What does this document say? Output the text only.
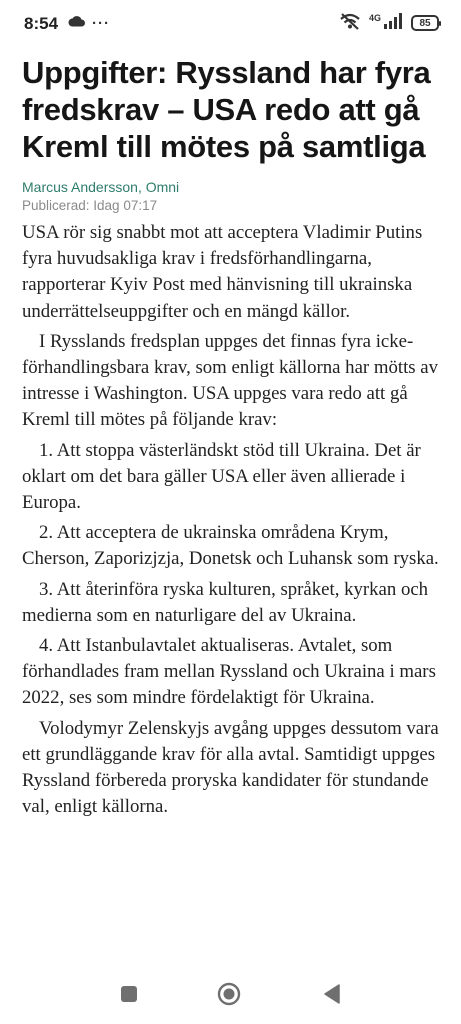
8:54 ···	4G	85
Uppgifter: Ryssland har fyra fredskrav – USA redo att gå Kreml till mötes på samtliga
Marcus Andersson, Omni
Publicerad: Idag 07:17

USA rör sig snabbt mot att acceptera Vladimir Putins fyra huvudsakliga krav i fredsförhandlingarna, rapporterar Kyiv Post med hänvisning till ukrainska underrättelseuppgifter och en mängd källor.

I Rysslands fredsplan uppges det finnas fyra icke-förhandlingsbara krav, som enligt källorna har mötts av intresse i Washington. USA uppges vara redo att gå Kreml till mötes på följande krav:

1. Att stoppa västerländskt stöd till Ukraina. Det är oklart om det bara gäller USA eller även allierade i Europa.

2. Att acceptera de ukrainska områdena Krym, Cherson, Zaporizjzja, Donetsk och Luhansk som ryska.

3. Att återinföra ryska kulturen, språket, kyrkan och medierna som en naturligare del av Ukraina.

4. Att Istanbulavtalet aktualiseras. Avtalet, som förhandlades fram mellan Ryssland och Ukraina i mars 2022, ses som mindre fördelaktigt för Ukraina.

Volodymyr Zelenskyjs avgång uppges dessutom vara ett grundläggande krav för alla avtal. Samtidigt uppges Ryssland förbereda proryska kandidater för stundande val, enligt källorna.
